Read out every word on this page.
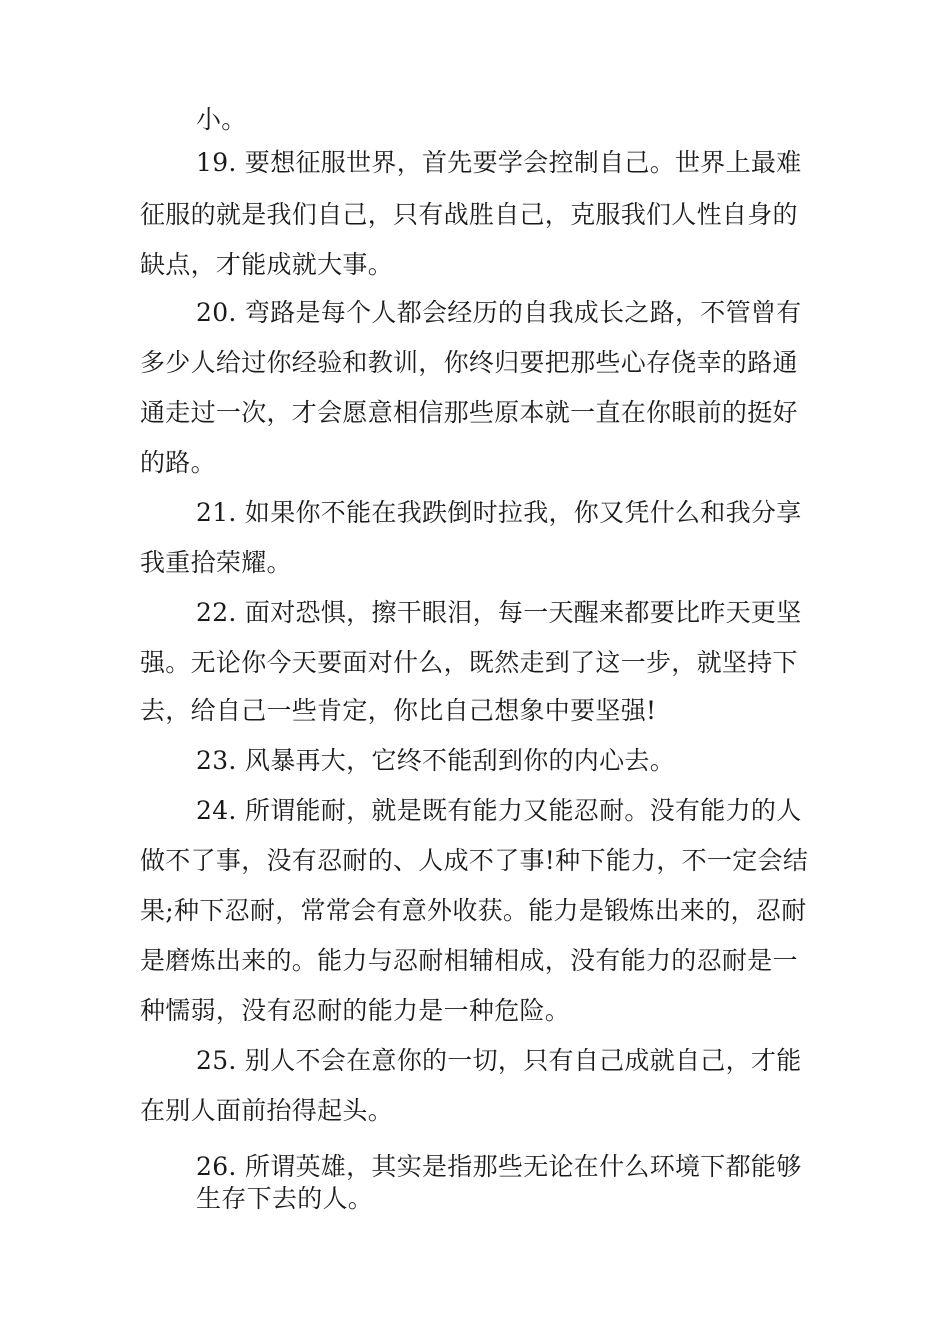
小。

19. 要想征服世界，首先要学会控制自己。世界上最难

征服的就是我们自己，只有战胜自己，克服我们人性自身的

缺点，才能成就大事。

20. 弯路是每个人都会经历的自我成长之路，不管曾有

多少人给过你经验和教训，你终归要把那些心存侥幸的路通

通走过一次，才会愿意相信那些原本就一直在你眼前的挺好

的路。

21. 如果你不能在我跌倒时拉我，你又凭什么和我分享

我重拾荣耀。

22. 面对恐惧，擦干眼泪，每一天醒来都要比昨天更坚

强。无论你今天要面对什么，既然走到了这一步，就坚持下

去，给自己一些肯定，你比自己想象中要坚强!

23. 风暴再大，它终不能刮到你的内心去。

24. 所谓能耐，就是既有能力又能忍耐。没有能力的人

做不了事，没有忍耐的、人成不了事!种下能力，不一定会结

果;种下忍耐，常常会有意外收获。能力是锻炼出来的，忍耐

是磨炼出来的。能力与忍耐相辅相成，没有能力的忍耐是一

种懦弱，没有忍耐的能力是一种危险。

25. 别人不会在意你的一切，只有自己成就自己，才能

在别人面前抬得起头。

26. 所谓英雄，其实是指那些无论在什么环境下都能够

生存下去的人。
